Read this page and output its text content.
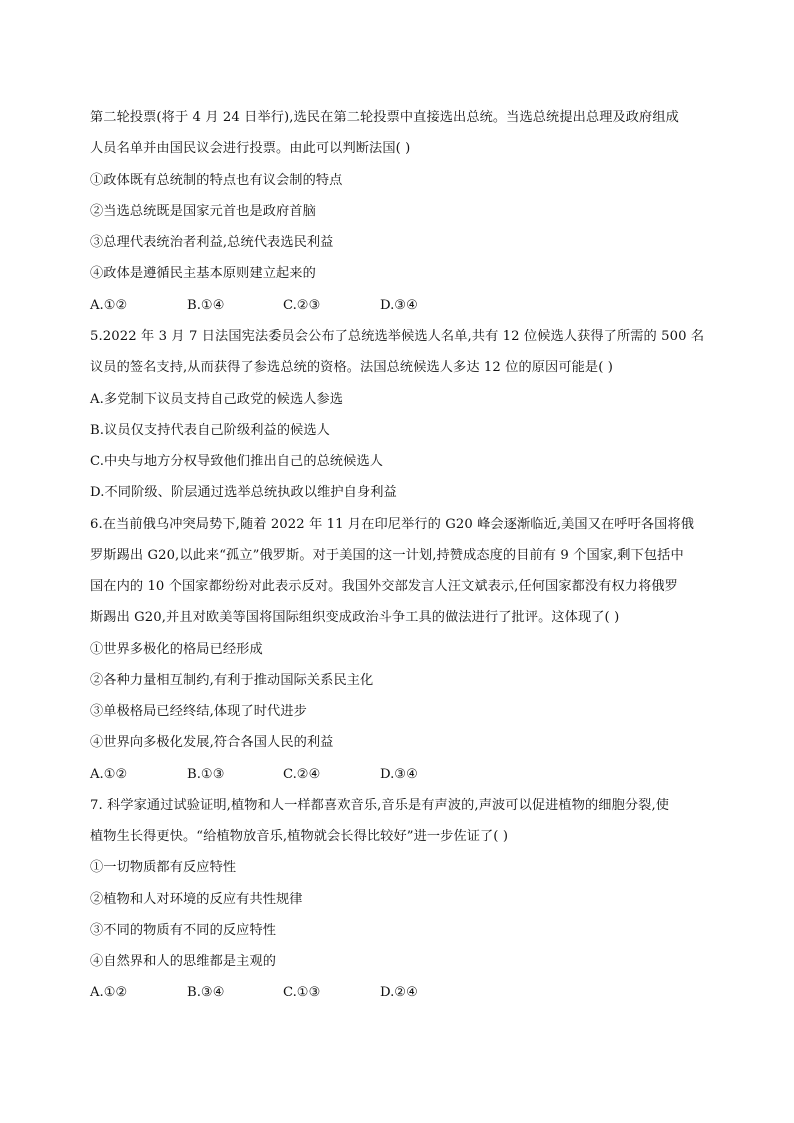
第二轮投票(将于 4 月 24 日举行),选民在第二轮投票中直接选出总统。当选总统提出总理及政府组成
人员名单并由国民议会进行投票。由此可以判断法国( )
①政体既有总统制的特点也有议会制的特点
②当选总统既是国家元首也是政府首脑
③总理代表统治者利益,总统代表选民利益
④政体是遵循民主基本原则建立起来的
A.①②	B.①④	C.②③	D.③④
5.2022 年 3 月 7 日法国宪法委员会公布了总统选举候选人名单,共有 12 位候选人获得了所需的 500 名
议员的签名支持,从而获得了参选总统的资格。法国总统候选人多达 12 位的原因可能是( )
A.多党制下议员支持自己政党的候选人参选
B.议员仅支持代表自己阶级利益的候选人
C.中央与地方分权导致他们推出自己的总统候选人
D.不同阶级、阶层通过选举总统执政以维护自身利益
6.在当前俄乌冲突局势下,随着 2022 年 11 月在印尼举行的 G20 峰会逐渐临近,美国又在呼吁各国将俄
罗斯踢出 G20,以此来“孤立”俄罗斯。对于美国的这一计划,持赞成态度的目前有 9 个国家,剩下包括中
国在内的 10 个国家都纷纷对此表示反对。我国外交部发言人汪文斌表示,任何国家都没有权力将俄罗
斯踢出 G20,并且对欧美等国将国际组织变成政治斗争工具的做法进行了批评。这体现了( )
①世界多极化的格局已经形成
②各种力量相互制约,有利于推动国际关系民主化
③单极格局已经终结,体现了时代进步
④世界向多极化发展,符合各国人民的利益
A.①②	B.①③	C.②④	D.③④
7. 科学家通过试验证明,植物和人一样都喜欢音乐,音乐是有声波的,声波可以促进植物的细胞分裂,使
植物生长得更快。“给植物放音乐,植物就会长得比较好”进一步佐证了( )
①一切物质都有反应特性
②植物和人对环境的反应有共性规律
③不同的物质有不同的反应特性
④自然界和人的思维都是主观的
A.①②	B.③④	C.①③	D.②④
